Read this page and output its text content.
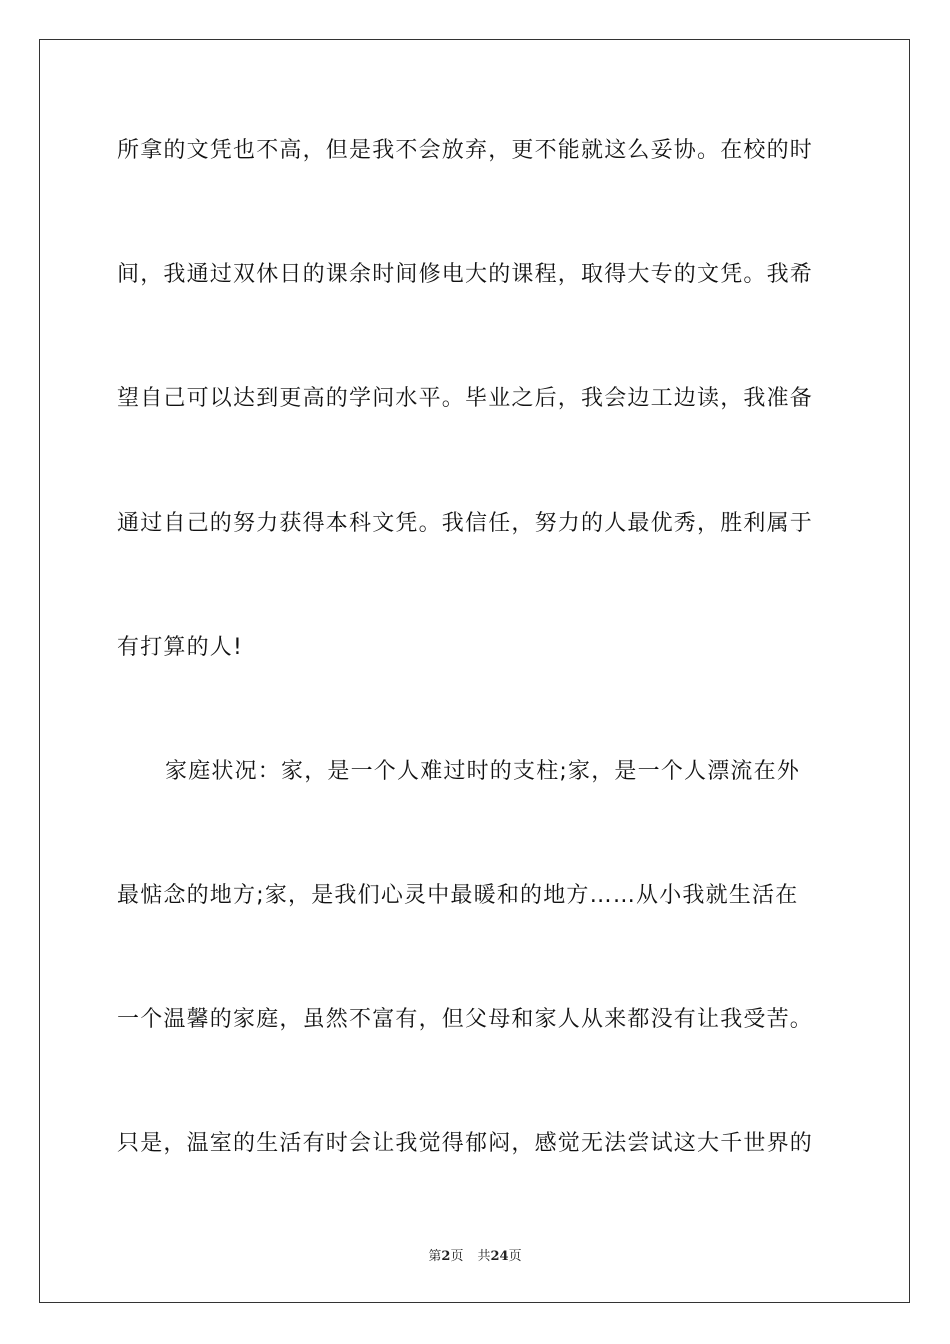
所拿的文凭也不高，但是我不会放弃，更不能就这么妥协。在校的时
间，我通过双休日的课余时间修电大的课程，取得大专的文凭。我希
望自己可以达到更高的学问水平。毕业之后，我会边工边读，我准备
通过自己的努力获得本科文凭。我信任，努力的人最优秀，胜利属于
有打算的人!
家庭状况：家，是一个人难过时的支柱;家，是一个人漂流在外
最惦念的地方;家，是我们心灵中最暖和的地方……从小我就生活在
一个温馨的家庭，虽然不富有，但父母和家人从来都没有让我受苦。
只是，温室的生活有时会让我觉得郁闷，感觉无法尝试这大千世界的
第2页 共24页
